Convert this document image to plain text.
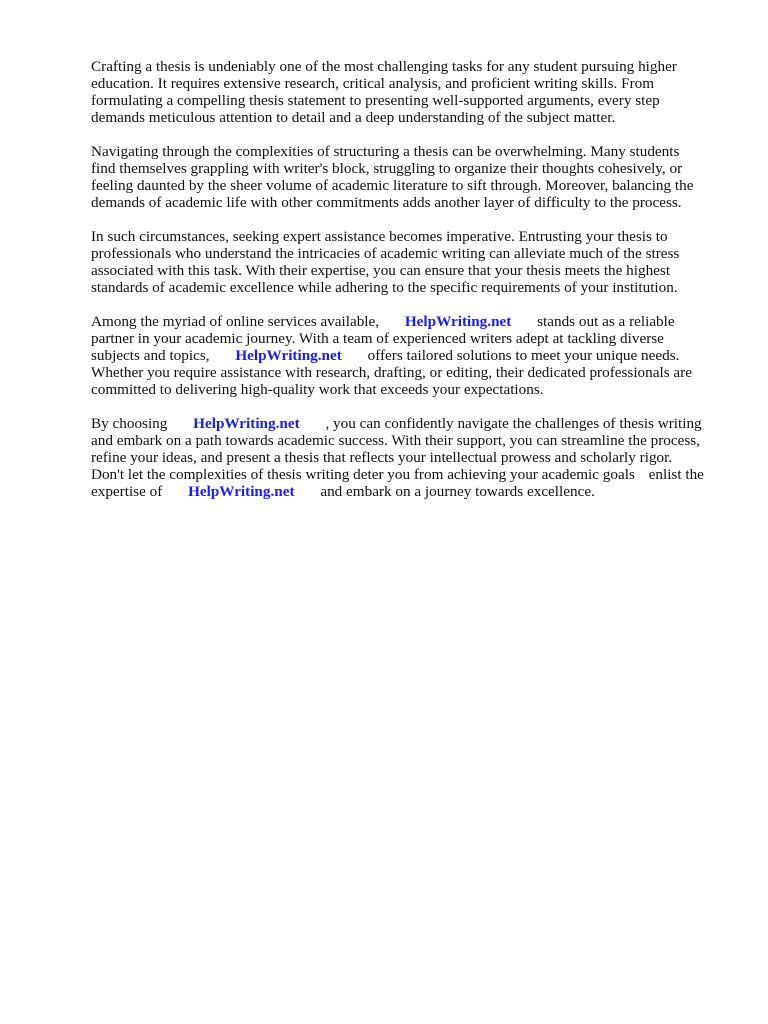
Crafting a thesis is undeniably one of the most challenging tasks for any student pursuing higher
education. It requires extensive research, critical analysis, and proficient writing skills. From
formulating a compelling thesis statement to presenting well-supported arguments, every step
demands meticulous attention to detail and a deep understanding of the subject matter.

Navigating through the complexities of structuring a thesis can be overwhelming. Many students
find themselves grappling with writer's block, struggling to organize their thoughts cohesively, or
feeling daunted by the sheer volume of academic literature to sift through. Moreover, balancing the
demands of academic life with other commitments adds another layer of difficulty to the process.

In such circumstances, seeking expert assistance becomes imperative. Entrusting your thesis to
professionals who understand the intricacies of academic writing can alleviate much of the stress
associated with this task. With their expertise, you can ensure that your thesis meets the highest
standards of academic excellence while adhering to the specific requirements of your institution.

Among the myriad of online services available, HelpWriting.net stands out as a reliable
partner in your academic journey. With a team of experienced writers adept at tackling diverse
subjects and topics, HelpWriting.net offers tailored solutions to meet your unique needs.
Whether you require assistance with research, drafting, or editing, their dedicated professionals are
committed to delivering high-quality work that exceeds your expectations.

By choosing HelpWriting.net , you can confidently navigate the challenges of thesis writing
and embark on a path towards academic success. With their support, you can streamline the process,
refine your ideas, and present a thesis that reflects your intellectual prowess and scholarly rigor.
Don't let the complexities of thesis writing deter you from achieving your academic goals enlist the
expertise of HelpWriting.net and embark on a journey towards excellence.
